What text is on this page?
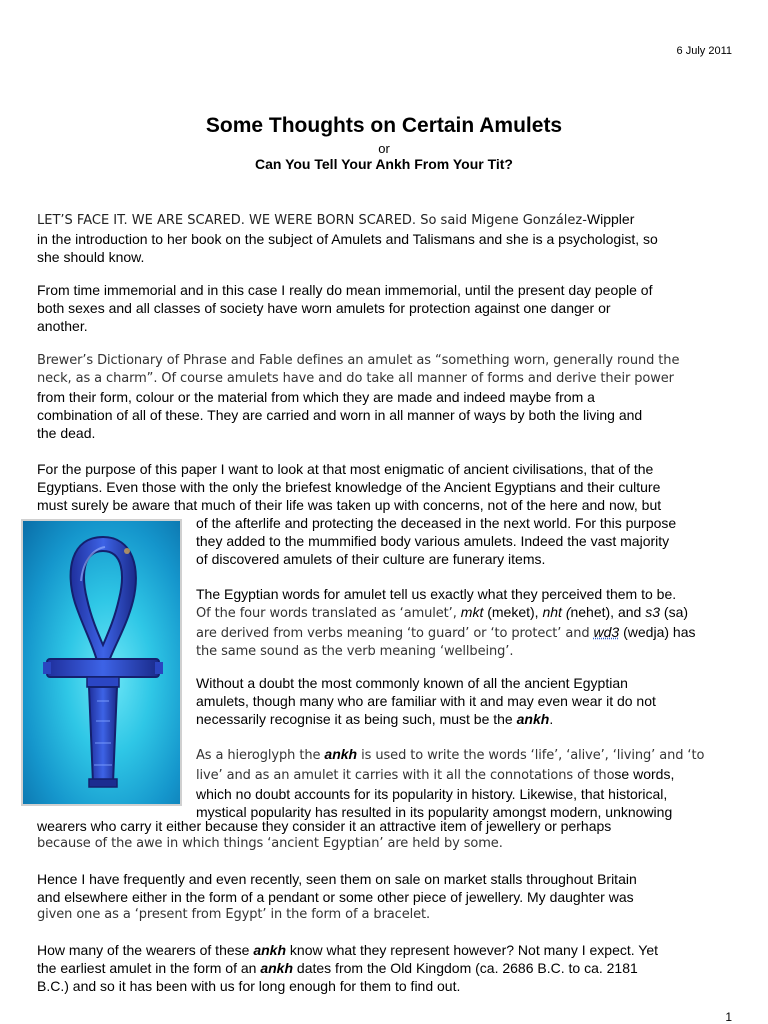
6 July 2011
Some Thoughts on Certain Amulets
or
Can You Tell Your Ankh From Your Tit?

LET’S FACE IT. WE ARE SCARED. WE WERE BORN SCARED. So said Migene González-Wippler
in the introduction to her book on the subject of Amulets and Talismans and she is a psychologist, so
she should know.

From time immemorial and in this case I really do mean immemorial, until the present day people of
both sexes and all classes of society have worn amulets for protection against one danger or
another.

Brewer’s Dictionary of Phrase and Fable defines an amulet as “something worn, generally round the
neck, as a charm”. Of course amulets have and do take all manner of forms and derive their power
from their form, colour or the material from which they are made and indeed maybe from a
combination of all of these. They are carried and worn in all manner of ways by both the living and
the dead.

For the purpose of this paper I want to look at that most enigmatic of ancient civilisations, that of the
Egyptians. Even those with the only the briefest knowledge of the Ancient Egyptians and their culture
must surely be aware that much of their life was taken up with concerns, not of the here and now, but

of the afterlife and protecting the deceased in the next world. For this purpose
they added to the mummified body various amulets. Indeed the vast majority
of discovered amulets of their culture are funerary items.

The Egyptian words for amulet tell us exactly what they perceived them to be.
Of the four words translated as ‘amulet’, mkt (meket), nht (nehet), and s3 (sa)
are derived from verbs meaning ‘to guard’ or ‘to protect’ and wd3 (wedja) has
the same sound as the verb meaning ‘wellbeing’.

Without a doubt the most commonly known of all the ancient Egyptian
amulets, though many who are familiar with it and may even wear it do not
necessarily recognise it as being such, must be the ankh.

As a hieroglyph the ankh is used to write the words ‘life’, ‘alive’, ‘living’ and ‘to
live’ and as an amulet it carries with it all the connotations of those words,
which no doubt accounts for its popularity in history. Likewise, that historical,
mystical popularity has resulted in its popularity amongst modern, unknowing

wearers who carry it either because they consider it an attractive item of jewellery or perhaps
because of the awe in which things ‘ancient Egyptian’ are held by some.

Hence I have frequently and even recently, seen them on sale on market stalls throughout Britain
and elsewhere either in the form of a pendant or some other piece of jewellery. My daughter was
given one as a ‘present from Egypt’ in the form of a bracelet.

How many of the wearers of these ankh know what they represent however? Not many I expect. Yet
the earliest amulet in the form of an ankh dates from the Old Kingdom (ca. 2686 B.C. to ca. 2181
B.C.) and so it has been with us for long enough for them to find out.

1
